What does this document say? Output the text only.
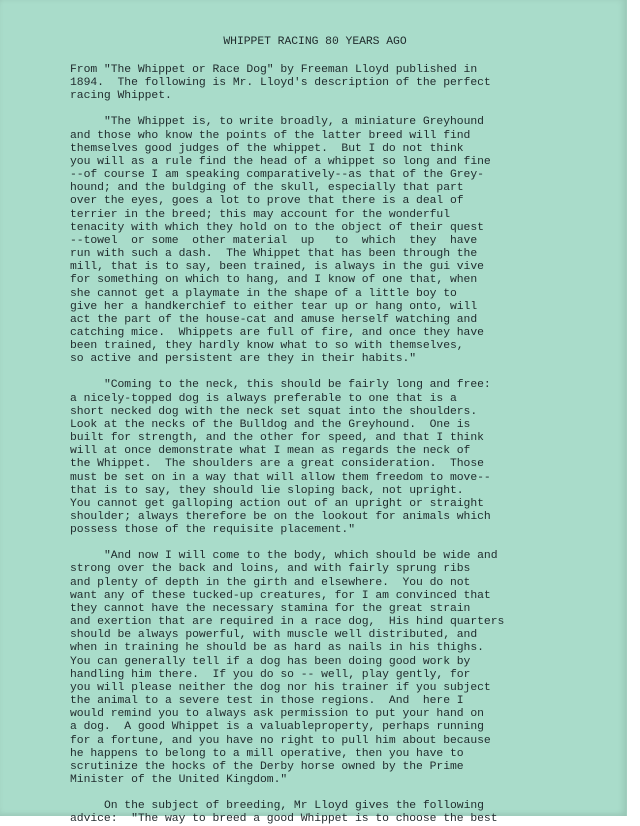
WHIPPET RACING 80 YEARS AGO

From "The Whippet or Race Dog" by Freeman Lloyd published in
1894.  The following is Mr. Lloyd's description of the perfect
racing Whippet.

"The Whippet is, to write broadly, a miniature Greyhound
and those who know the points of the latter breed will find
themselves good judges of the whippet.  But I do not think
you will as a rule find the head of a whippet so long and fine
--of course I am speaking comparatively--as that of the Grey-
hound; and the buldging of the skull, especially that part
over the eyes, goes a lot to prove that there is a deal of
terrier in the breed; this may account for the wonderful
tenacity with which they hold on to the object of their quest
--towel  or some  other material  up   to  which  they  have
run with such a dash.  The Whippet that has been through the
mill, that is to say, been trained, is always in the gui vive
for something on which to hang, and I know of one that, when
she cannot get a playmate in the shape of a little boy to
give her a handkerchief to either tear up or hang onto, will
act the part of the house-cat and amuse herself watching and
catching mice.  Whippets are full of fire, and once they have
been trained, they hardly know what to so with themselves,
so active and persistent are they in their habits."

"Coming to the neck, this should be fairly long and free:
a nicely-topped dog is always preferable to one that is a
short necked dog with the neck set squat into the shoulders.
Look at the necks of the Bulldog and the Greyhound.  One is
built for strength, and the other for speed, and that I think
will at once demonstrate what I mean as regards the neck of
the Whippet.  The shoulders are a great consideration.  Those
must be set on in a way that will allow them freedom to move--
that is to say, they should lie sloping back, not upright.
You cannot get galloping action out of an upright or straight
shoulder; always therefore be on the lookout for animals which
possess those of the requisite placement."

"And now I will come to the body, which should be wide and
strong over the back and loins, and with fairly sprung ribs
and plenty of depth in the girth and elsewhere.  You do not
want any of these tucked-up creatures, for I am convinced that
they cannot have the necessary stamina for the great strain
and exertion that are required in a race dog,  His hind quarters
should be always powerful, with muscle well distributed, and
when in training he should be as hard as nails in his thighs.
You can generally tell if a dog has been doing good work by
handling him there.  If you do so -- well, play gently, for
you will please neither the dog nor his trainer if you subject
the animal to a severe test in those regions.  And  here I
would remind you to always ask permission to put your hand on
a dog.  A good Whippet is a valuableproperty, perhaps running
for a fortune, and you have no right to pull him about because
he happens to belong to a mill operative, then you have to
scrutinize the hocks of the Derby horse owned by the Prime
Minister of the United Kingdom."

On the subject of breeding, Mr Lloyd gives the following
advice:  "The way to breed a good Whippet is to choose the best
